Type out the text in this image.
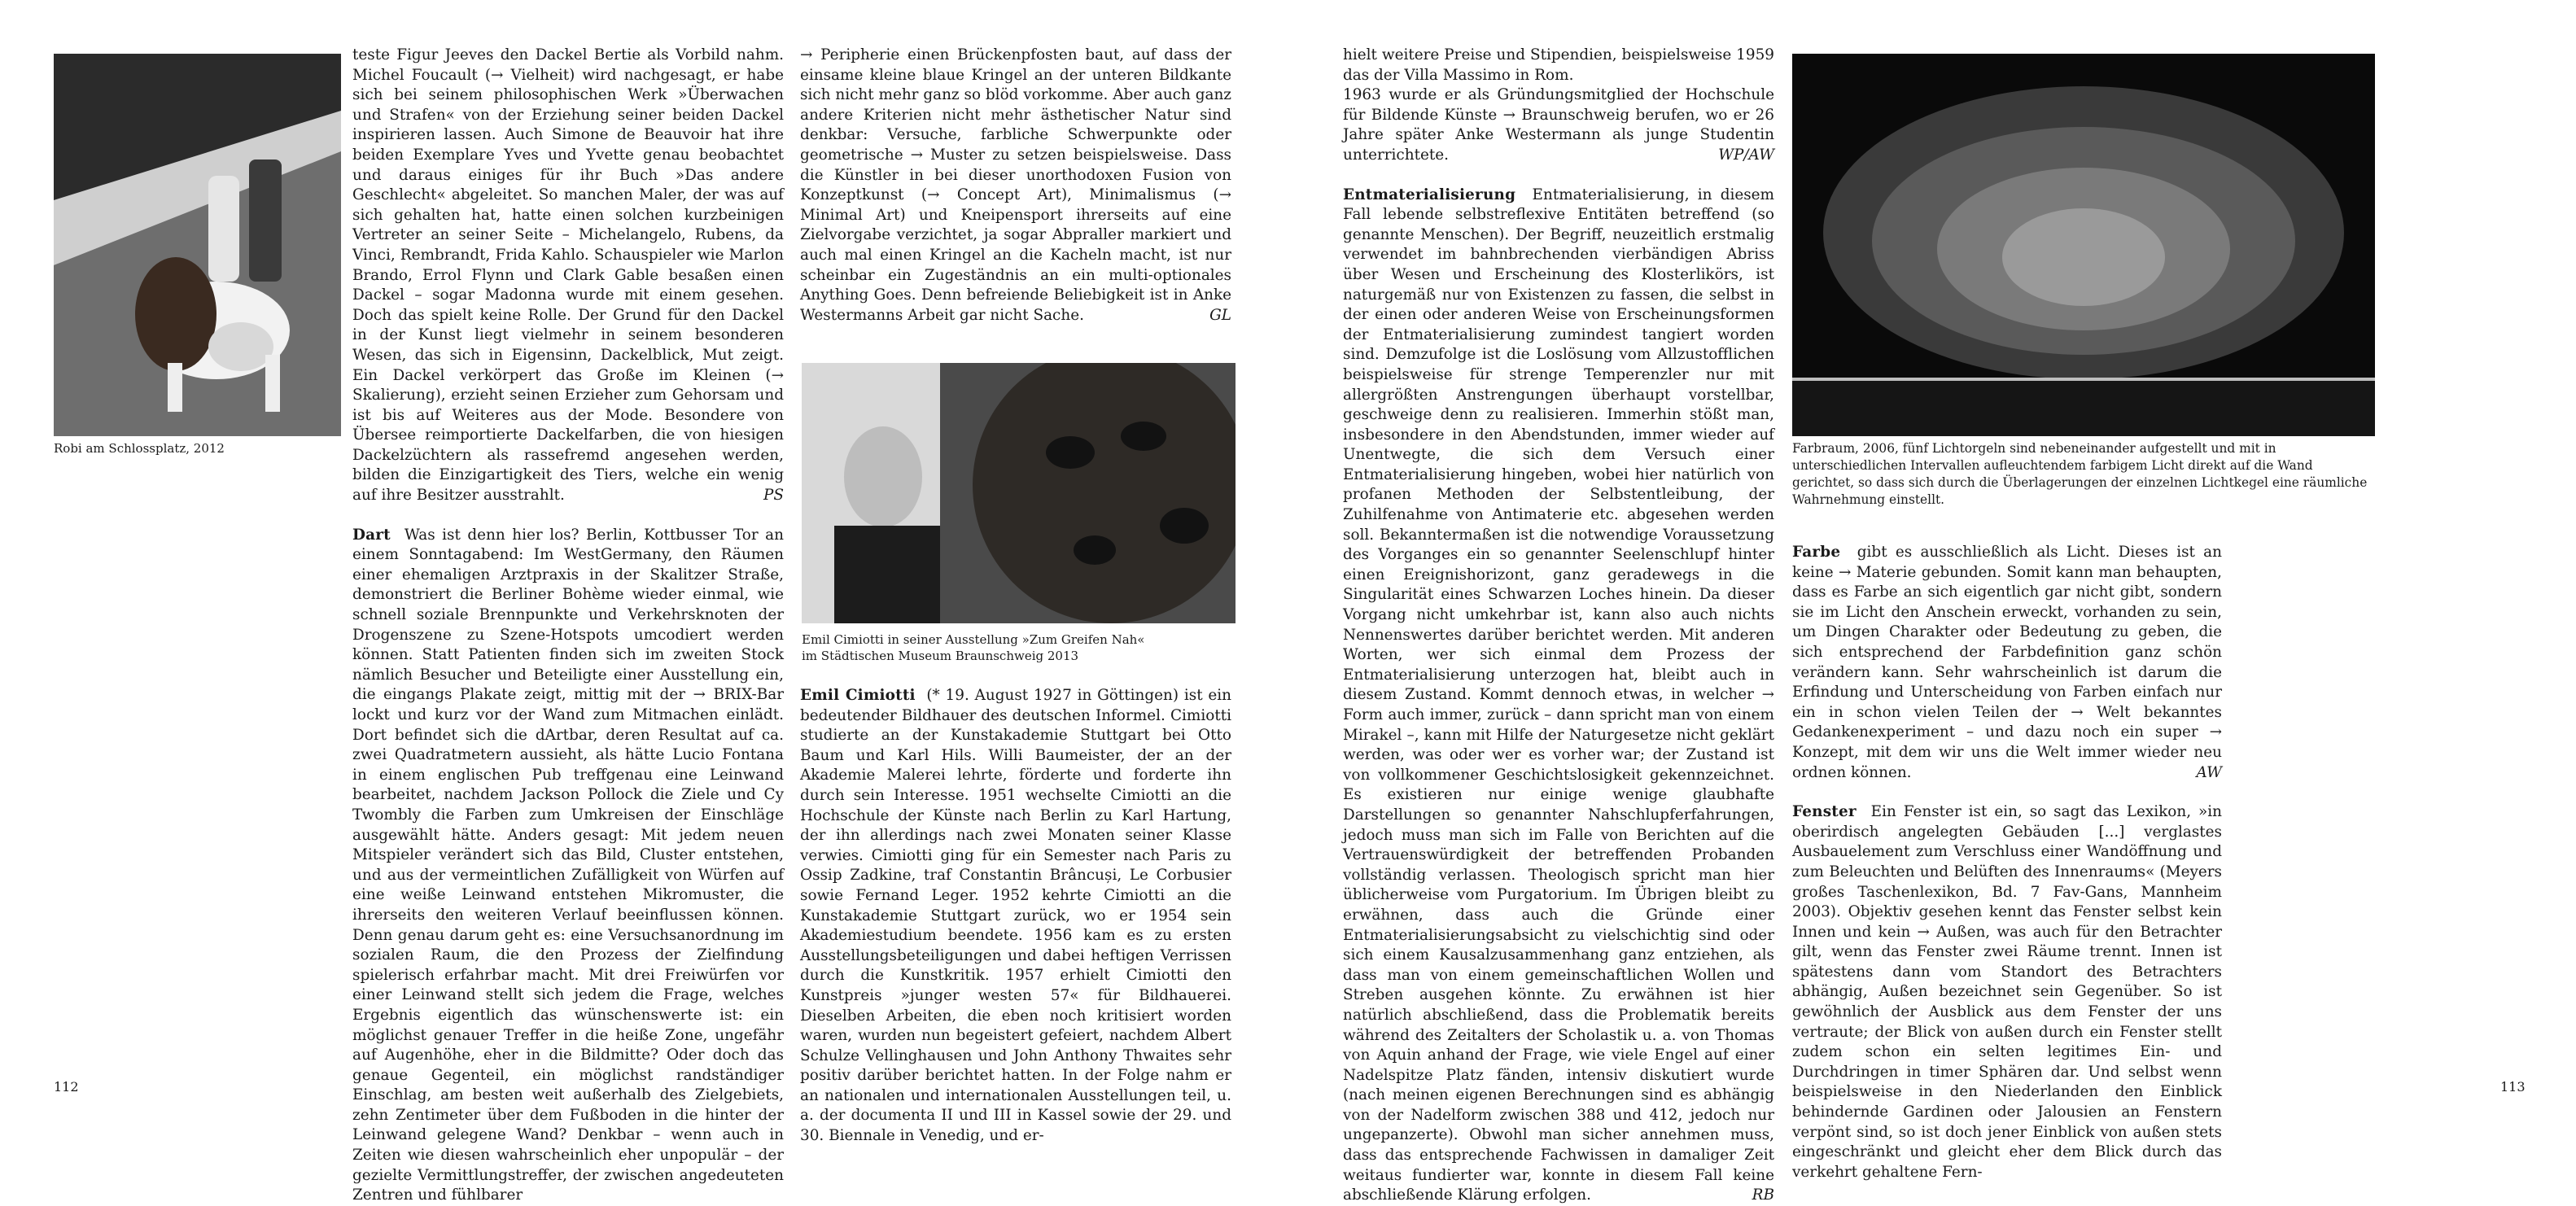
Robi am Schlossplatz, 2012

teste Figur Jeeves den Dackel Bertie als Vorbild nahm. Michel Foucault (→ Vielheit) wird nachgesagt, er habe sich bei seinem philosophischen Werk »Überwachen und Strafen« von der Erziehung seiner beiden Dackel inspirieren lassen. Auch Simone de Beauvoir hat ihre beiden Exemplare Yves und Yvette genau beobachtet und daraus einiges für ihr Buch »Das andere Geschlecht« abgeleitet. So manchen Maler, der was auf sich gehalten hat, hatte einen solchen kurzbeinigen Vertreter an seiner Seite – Michelangelo, Rubens, da Vinci, Rembrandt, Frida Kahlo. Schauspieler wie Marlon Brando, Errol Flynn und Clark Gable besaßen einen Dackel – sogar Madonna wurde mit einem gesehen. Doch das spielt keine Rolle. Der Grund für den Dackel in der Kunst liegt vielmehr in seinem besonderen Wesen, das sich in Eigensinn, Dackelblick, Mut zeigt. Ein Dackel verkörpert das Große im Kleinen (→ Skalierung), erzieht seinen Erzieher zum Gehorsam und ist bis auf Weiteres aus der Mode. Besondere von Übersee reimportierte Dackelfarben, die von hiesigen Dackelzüchtern als rassefremd angesehen werden, bilden die Einzigartigkeit des Tiers, welche ein wenig auf ihre Besitzer ausstrahlt.	PS

Dart Was ist denn hier los? Berlin, Kottbusser Tor an einem Sonntagabend: Im WestGermany, den Räumen einer ehemaligen Arztpraxis in der Skalitzer Straße, demonstriert die Berliner Bohème wieder einmal, wie schnell soziale Brennpunkte und Verkehrsknoten der Drogenszene zu Szene-Hotspots umcodiert werden können. Statt Patienten finden sich im zweiten Stock nämlich Besucher und Beteiligte einer Ausstellung ein, die eingangs Plakate zeigt, mittig mit der → BRIX-Bar lockt und kurz vor der Wand zum Mitmachen einlädt. Dort befindet sich die dArtbar, deren Resultat auf ca. zwei Quadratmetern aussieht, als hätte Lucio Fontana in einem englischen Pub treffgenau eine Leinwand bearbeitet, nachdem Jackson Pollock die Ziele und Cy Twombly die Farben zum Umkreisen der Einschläge ausgewählt hätte. Anders gesagt: Mit jedem neuen Mitspieler verändert sich das Bild, Cluster entstehen, und aus der vermeintlichen Zufälligkeit von Würfen auf eine weiße Leinwand entstehen Mikromuster, die ihrerseits den weiteren Verlauf beeinflussen können. Denn genau darum geht es: eine Versuchsanordnung im sozialen Raum, die den Prozess der Zielfindung spielerisch erfahrbar macht. Mit drei Freiwürfen vor einer Leinwand stellt sich jedem die Frage, welches Ergebnis eigentlich das wünschenswerte ist: ein möglichst genauer Treffer in die heiße Zone, ungefähr auf Augenhöhe, eher in die Bildmitte? Oder doch das genaue Gegenteil, ein möglichst randständiger Einschlag, am besten weit außerhalb des Zielgebiets, zehn Zentimeter über dem Fußboden in die hinter der Leinwand gelegene Wand? Denkbar – wenn auch in Zeiten wie diesen wahrscheinlich eher unpopulär – der gezielte Vermittlungstreffer, der zwischen angedeuteten Zentren und fühlbarer

→ Peripherie einen Brückenpfosten baut, auf dass der einsame kleine blaue Kringel an der unteren Bildkante sich nicht mehr ganz so blöd vorkomme. Aber auch ganz andere Kriterien nicht mehr ästhetischer Natur sind denkbar: Versuche, farbliche Schwerpunkte oder geometrische → Muster zu setzen beispielsweise. Dass die Künstler in bei dieser unorthodoxen Fusion von Konzeptkunst (→ Concept Art), Minimalismus (→ Minimal Art) und Kneipensport ihrerseits auf eine Zielvorgabe verzichtet, ja sogar Abpraller markiert und auch mal einen Kringel an die Kacheln macht, ist nur scheinbar ein Zugeständnis an ein multi-optionales Anything Goes. Denn befreiende Beliebigkeit ist in Anke Westermanns Arbeit gar nicht Sache.	GL

Emil Cimiotti in seiner Ausstellung »Zum Greifen Nah«
im Städtischen Museum Braunschweig 2013

Emil Cimiotti (* 19. August 1927 in Göttingen) ist ein bedeutender Bildhauer des deutschen Informel. Cimiotti studierte an der Kunstakademie Stuttgart bei Otto Baum und Karl Hils. Willi Baumeister, der an der Akademie Malerei lehrte, förderte und forderte ihn durch sein Interesse. 1951 wechselte Cimiotti an die Hochschule der Künste nach Berlin zu Karl Hartung, der ihn allerdings nach zwei Monaten seiner Klasse verwies. Cimiotti ging für ein Semester nach Paris zu Ossip Zadkine, traf Constantin Brâncuși, Le Corbusier sowie Fernand Leger. 1952 kehrte Cimiotti an die Kunstakademie Stuttgart zurück, wo er 1954 sein Akademiestudium beendete. 1956 kam es zu ersten Ausstellungsbeteiligungen und dabei heftigen Verrissen durch die Kunstkritik. 1957 erhielt Cimiotti den Kunstpreis »junger westen 57« für Bildhauerei. Dieselben Arbeiten, die eben noch kritisiert worden waren, wurden nun begeistert gefeiert, nachdem Albert Schulze Vellinghausen und John Anthony Thwaites sehr positiv darüber berichtet hatten. In der Folge nahm er an nationalen und internationalen Ausstellungen teil, u. a. der documenta II und III in Kassel sowie der 29. und 30. Biennale in Venedig, und er-

112

hielt weitere Preise und Stipendien, beispielsweise 1959 das der Villa Massimo in Rom.

1963 wurde er als Gründungsmitglied der Hochschule für Bildende Künste → Braunschweig berufen, wo er 26 Jahre später Anke Westermann als junge Studentin unterrichtete.	WP/AW

Entmaterialisierung Entmaterialisierung, in diesem Fall lebende selbstreflexive Entitäten betreffend (so genannte Menschen). Der Begriff, neuzeitlich erstmalig verwendet im bahnbrechenden vierbändigen Abriss über Wesen und Erscheinung des Klosterlikörs, ist naturgemäß nur von Existenzen zu fassen, die selbst in der einen oder anderen Weise von Erscheinungsformen der Entmaterialisierung zumindest tangiert worden sind. Demzufolge ist die Loslösung vom Allzustofflichen beispielsweise für strenge Temperenzler nur mit allergrößten Anstrengungen überhaupt vorstellbar, geschweige denn zu realisieren. Immerhin stößt man, insbesondere in den Abendstunden, immer wieder auf Unentwegte, die sich dem Versuch einer Entmaterialisierung hingeben, wobei hier natürlich von profanen Methoden der Selbstentleibung, der Zuhilfenahme von Antimaterie etc. abgesehen werden soll. Bekanntermaßen ist die notwendige Voraussetzung des Vorganges ein so genannter Seelenschlupf hinter einen Ereignishorizont, ganz geradewegs in die Singularität eines Schwarzen Loches hinein. Da dieser Vorgang nicht umkehrbar ist, kann also auch nichts Nennenswertes darüber berichtet werden. Mit anderen Worten, wer sich einmal dem Prozess der Entmaterialisierung unterzogen hat, bleibt auch in diesem Zustand. Kommt dennoch etwas, in welcher → Form auch immer, zurück – dann spricht man von einem Mirakel –, kann mit Hilfe der Naturgesetze nicht geklärt werden, was oder wer es vorher war; der Zustand ist von vollkommener Geschichtslosigkeit gekennzeichnet. Es existieren nur einige wenige glaubhafte Darstellungen so genannter Nahschlupferfahrungen, jedoch muss man sich im Falle von Berichten auf die Vertrauenswürdigkeit der betreffenden Probanden vollständig verlassen. Theologisch spricht man hier üblicherweise vom Purgatorium. Im Übrigen bleibt zu erwähnen, dass auch die Gründe einer Entmaterialisierungsabsicht zu vielschichtig sind oder sich einem Kausalzusammenhang ganz entziehen, als dass man von einem gemeinschaftlichen Wollen und Streben ausgehen könnte. Zu erwähnen ist hier natürlich abschließend, dass die Problematik bereits während des Zeitalters der Scholastik u. a. von Thomas von Aquin anhand der Frage, wie viele Engel auf einer Nadelspitze Platz fänden, intensiv diskutiert wurde (nach meinen eigenen Berechnungen sind es abhängig von der Nadelform zwischen 388 und 412, jedoch nur ungepanzerte). Obwohl man sicher annehmen muss, dass das entsprechende Fachwissen in damaliger Zeit weitaus fundierter war, konnte in diesem Fall keine abschließende Klärung erfolgen.	RB

Farbraum, 2006, fünf Lichtorgeln sind nebeneinander aufgestellt und mit in unterschiedlichen Intervallen aufleuchtendem farbigem Licht direkt auf die Wand gerichtet, so dass sich durch die Überlagerungen der einzelnen Lichtkegel eine räumliche Wahrnehmung einstellt.

Farbe gibt es ausschließlich als Licht. Dieses ist an keine → Materie gebunden. Somit kann man behaupten, dass es Farbe an sich eigentlich gar nicht gibt, sondern sie im Licht den Anschein erweckt, vorhanden zu sein, um Dingen Charakter oder Bedeutung zu geben, die sich entsprechend der Farbdefinition ganz schön verändern kann. Sehr wahrscheinlich ist darum die Erfindung und Unterscheidung von Farben einfach nur ein in schon vielen Teilen der → Welt bekanntes Gedankenexperiment – und dazu noch ein super → Konzept, mit dem wir uns die Welt immer wieder neu ordnen können.	AW

Fenster Ein Fenster ist ein, so sagt das Lexikon, »in oberirdisch angelegten Gebäuden [...] verglastes Ausbauelement zum Verschluss einer Wandöffnung und zum Beleuchten und Belüften des Innenraums« (Meyers großes Taschenlexikon, Bd. 7 Fav-Gans, Mannheim 2003). Objektiv gesehen kennt das Fenster selbst kein Innen und kein → Außen, was auch für den Betrachter gilt, wenn das Fenster zwei Räume trennt. Innen ist spätestens dann vom Standort des Betrachters abhängig, Außen bezeichnet sein Gegenüber. So ist gewöhnlich der Ausblick aus dem Fenster der uns vertraute; der Blick von außen durch ein Fenster stellt zudem schon ein selten legitimes Ein- und Durchdringen in timer Sphären dar. Und selbst wenn beispielsweise in den Niederlanden den Einblick behindernde Gardinen oder Jalousien an Fenstern verpönt sind, so ist doch jener Einblick von außen stets eingeschränkt und gleicht eher dem Blick durch das verkehrt gehaltene Fern-

113
